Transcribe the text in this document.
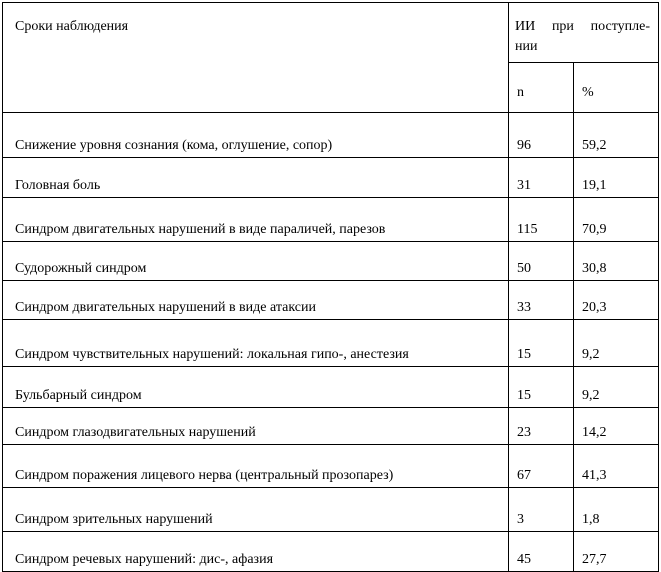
Сроки наблюдения	ИИ при поступле-
нии	

	n	%
Снижение уровня сознания (кома, оглушение, сопор)	96	59,2
Головная боль	31	19,1
Синдром двигательных нарушений в виде параличей, парезов	115	70,9
Судорожный синдром	50	30,8
Синдром двигательных нарушений в виде атаксии	33	20,3
Синдром чувствительных нарушений: локальная гипо-, анестезия	15	9,2
Бульбарный синдром	15	9,2
Синдром глазодвигательных нарушений	23	14,2
Синдром поражения лицевого нерва (центральный прозопарез)	67	41,3
Синдром зрительных нарушений	3	1,8
Синдром речевых нарушений: дис-, афазия	45	27,7
